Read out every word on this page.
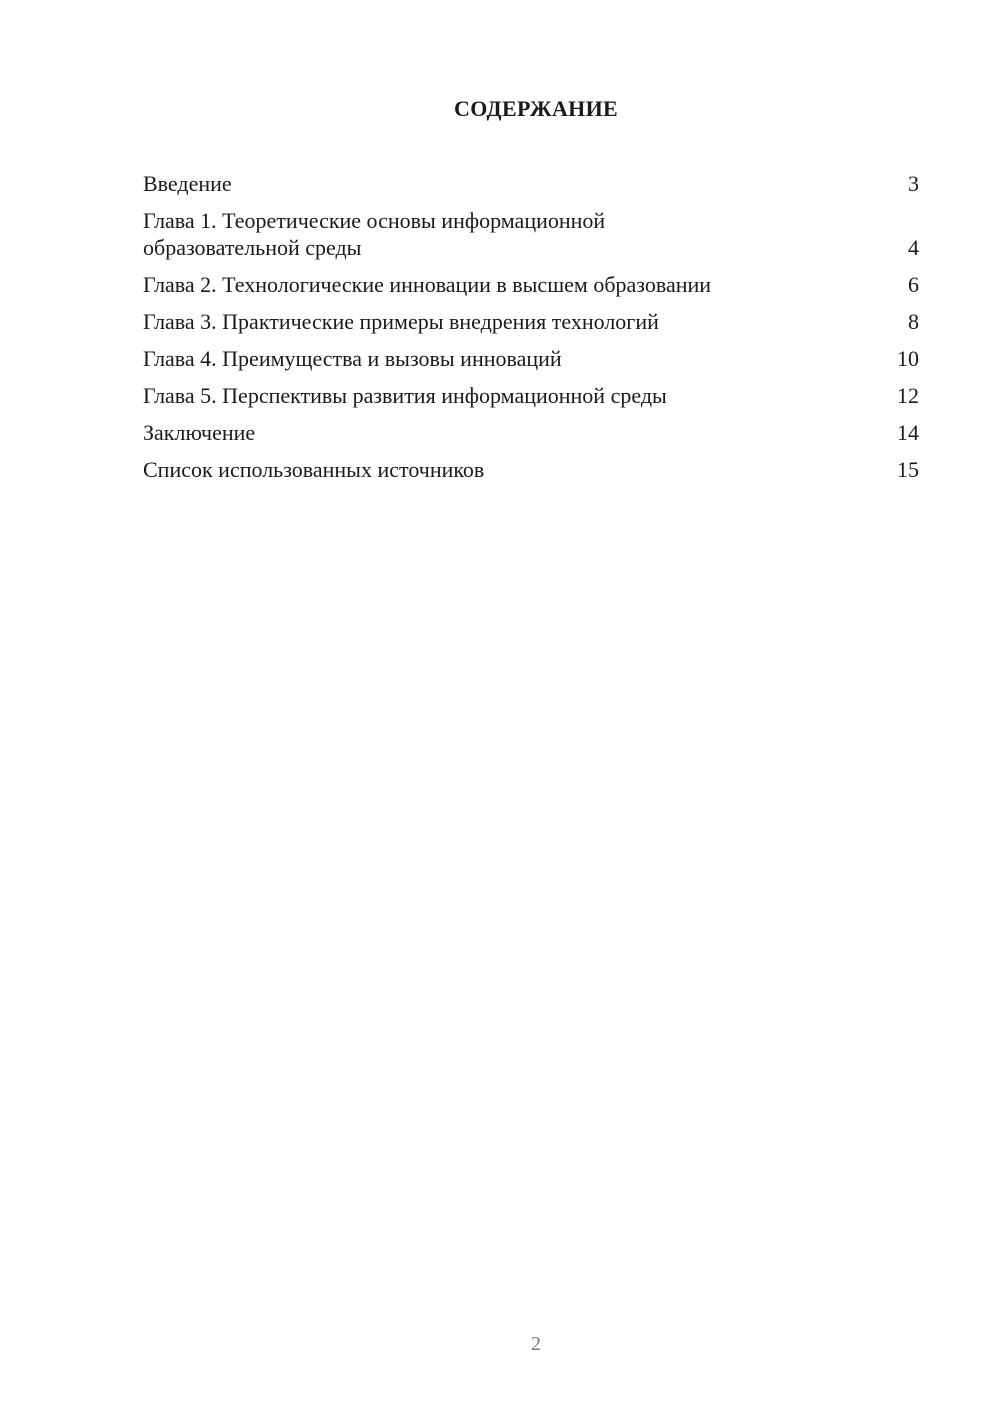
СОДЕРЖАНИЕ
Введение	3
Глава 1. Теоретические основы информационной
образовательной среды	4
Глава 2. Технологические инновации в высшем образовании	6
Глава 3. Практические примеры внедрения технологий	8
Глава 4. Преимущества и вызовы инноваций	10
Глава 5. Перспективы развития информационной среды	12
Заключение	14
Список использованных источников	15
2
